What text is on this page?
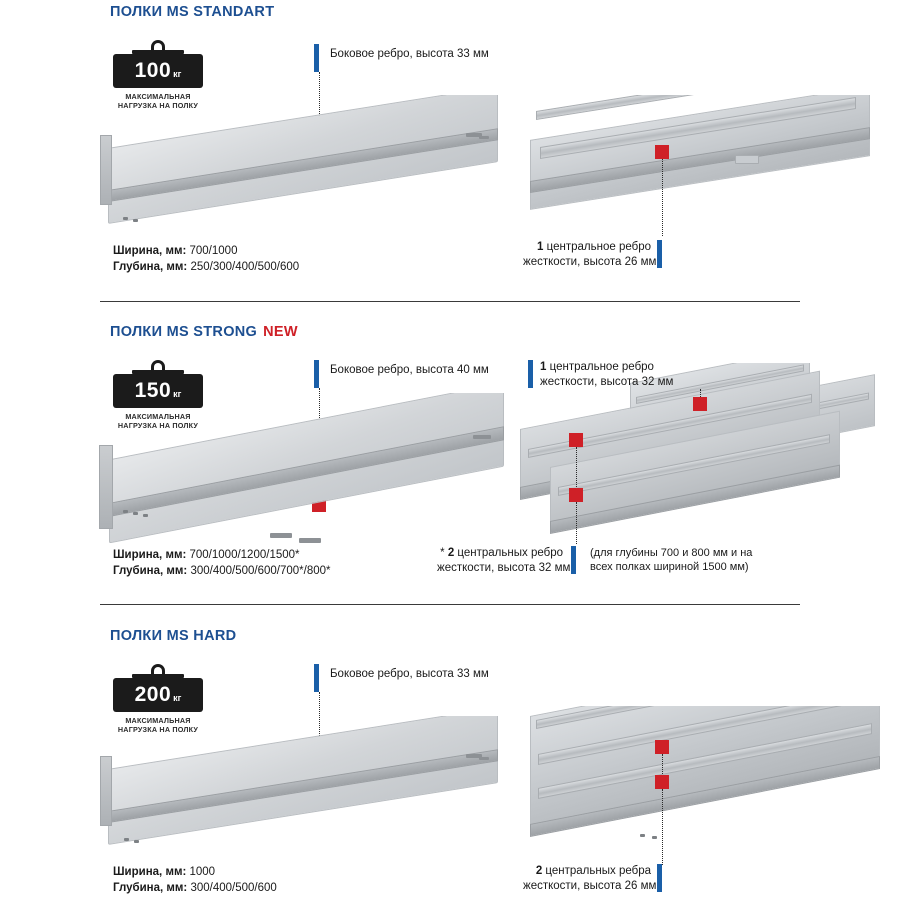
ПОЛКИ MS STANDART
100 кг
МАКСИМАЛЬНАЯ
НАГРУЗКА НА ПОЛКУ
Боковое ребро, высота 33 мм
1 центральное ребро
жесткости, высота 26 мм
Ширина, мм: 700/1000
Глубина, мм: 250/300/400/500/600
ПОЛКИ MS STRONG NEW
150 кг
МАКСИМАЛЬНАЯ
НАГРУЗКА НА ПОЛКУ
Боковое ребро, высота 40 мм	1 центральное ребро
жесткости, высота 32 мм
* 2 центральных ребро
жесткости, высота 32 мм
(для глубины 700 и 800 мм и на
всех полках шириной 1500 мм)
Ширина, мм: 700/1000/1200/1500*
Глубина, мм: 300/400/500/600/700*/800*
ПОЛКИ MS HARD
200 кг
МАКСИМАЛЬНАЯ
НАГРУЗКА НА ПОЛКУ
Боковое ребро, высота 33 мм
2 центральных ребра
жесткости, высота 26 мм
Ширина, мм: 1000
Глубина, мм: 300/400/500/600
